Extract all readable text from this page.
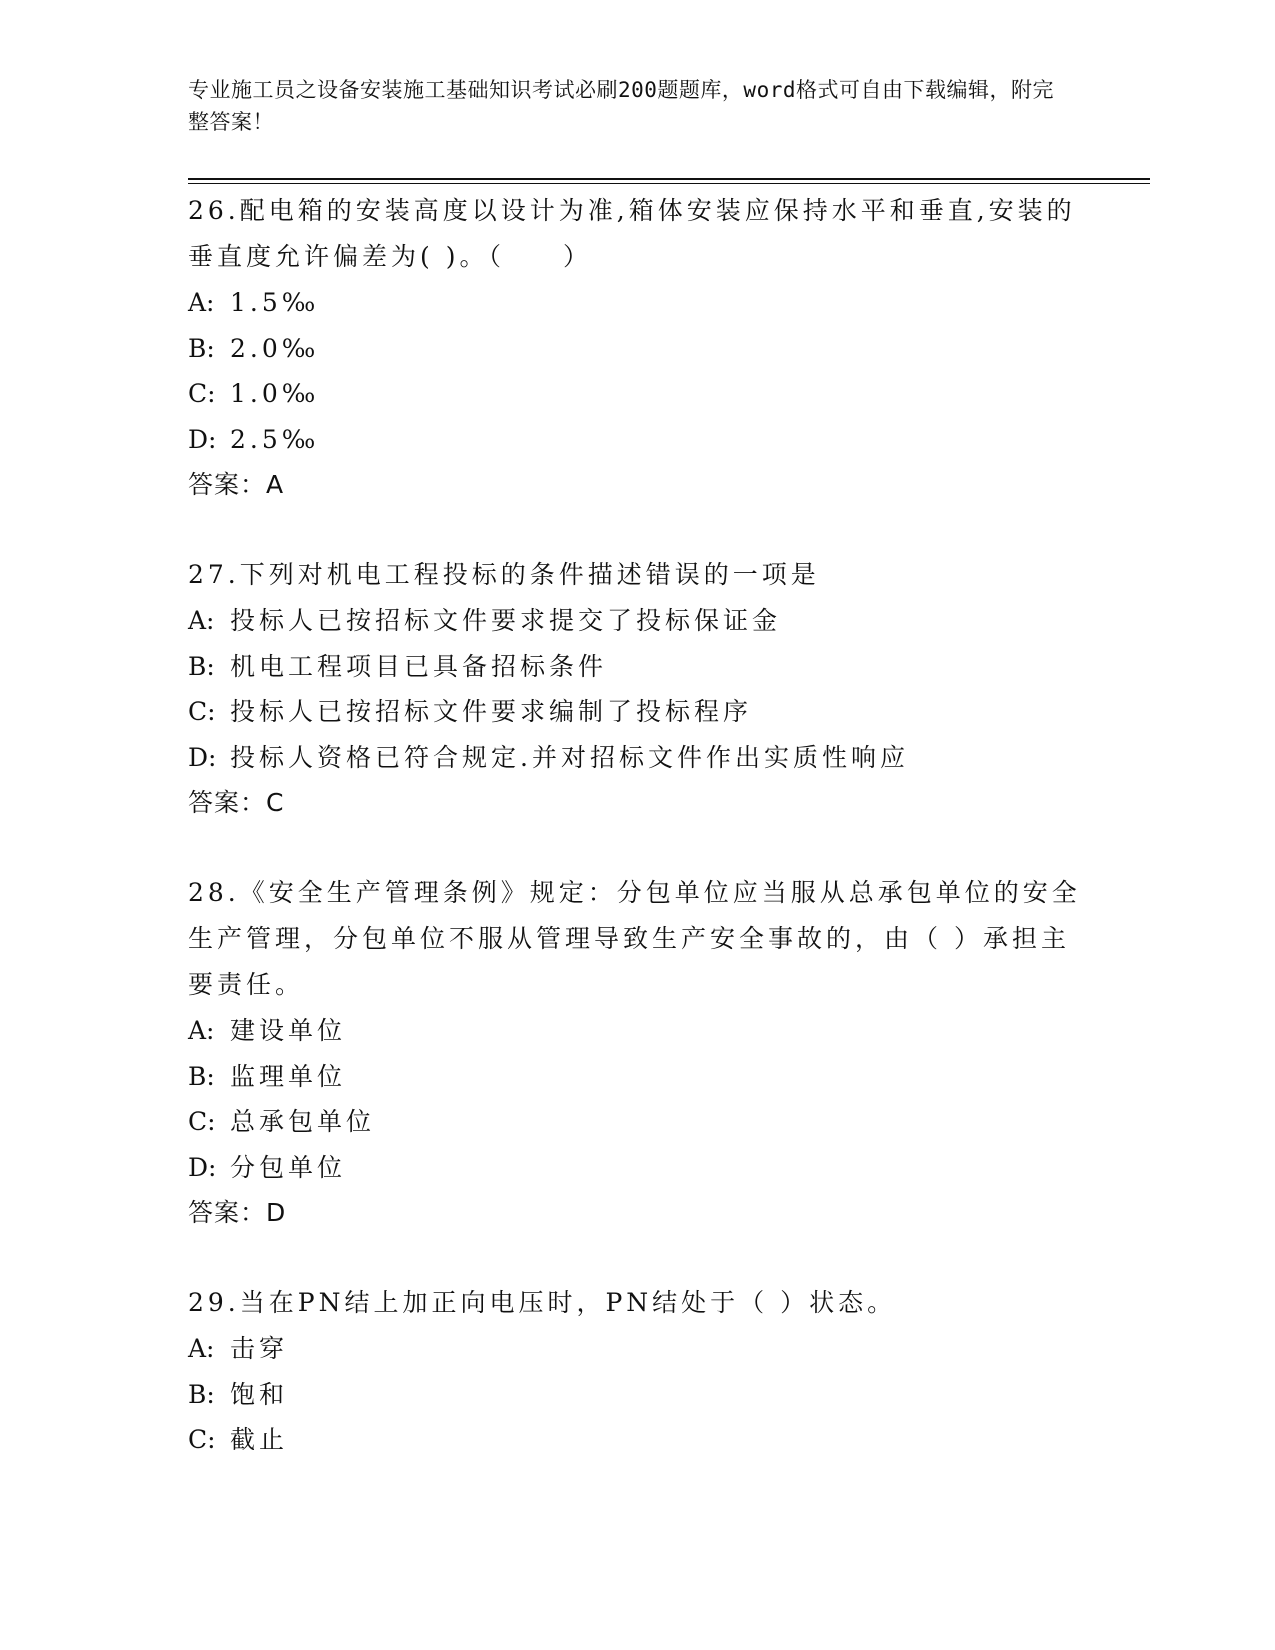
专业施工员之设备安装施工基础知识考试必刷200题题库，word格式可自由下载编辑，附完整答案！
26.配电箱的安装高度以设计为准,箱体安装应保持水平和垂直,安装的垂直度允许偏差为( )。（　　）
A: 1.5‰
B: 2.0‰
C: 1.0‰
D: 2.5‰
答案：A
27.下列对机电工程投标的条件描述错误的一项是
A: 投标人已按招标文件要求提交了投标保证金
B: 机电工程项目已具备招标条件
C: 投标人已按招标文件要求编制了投标程序
D: 投标人资格已符合规定.并对招标文件作出实质性响应
答案：C
28.《安全生产管理条例》规定：分包单位应当服从总承包单位的安全生产管理，分包单位不服从管理导致生产安全事故的，由（ ）承担主要责任。
A: 建设单位
B: 监理单位
C: 总承包单位
D: 分包单位
答案：D
29.当在PN结上加正向电压时，PN结处于（ ）状态。
A: 击穿
B: 饱和
C: 截止
